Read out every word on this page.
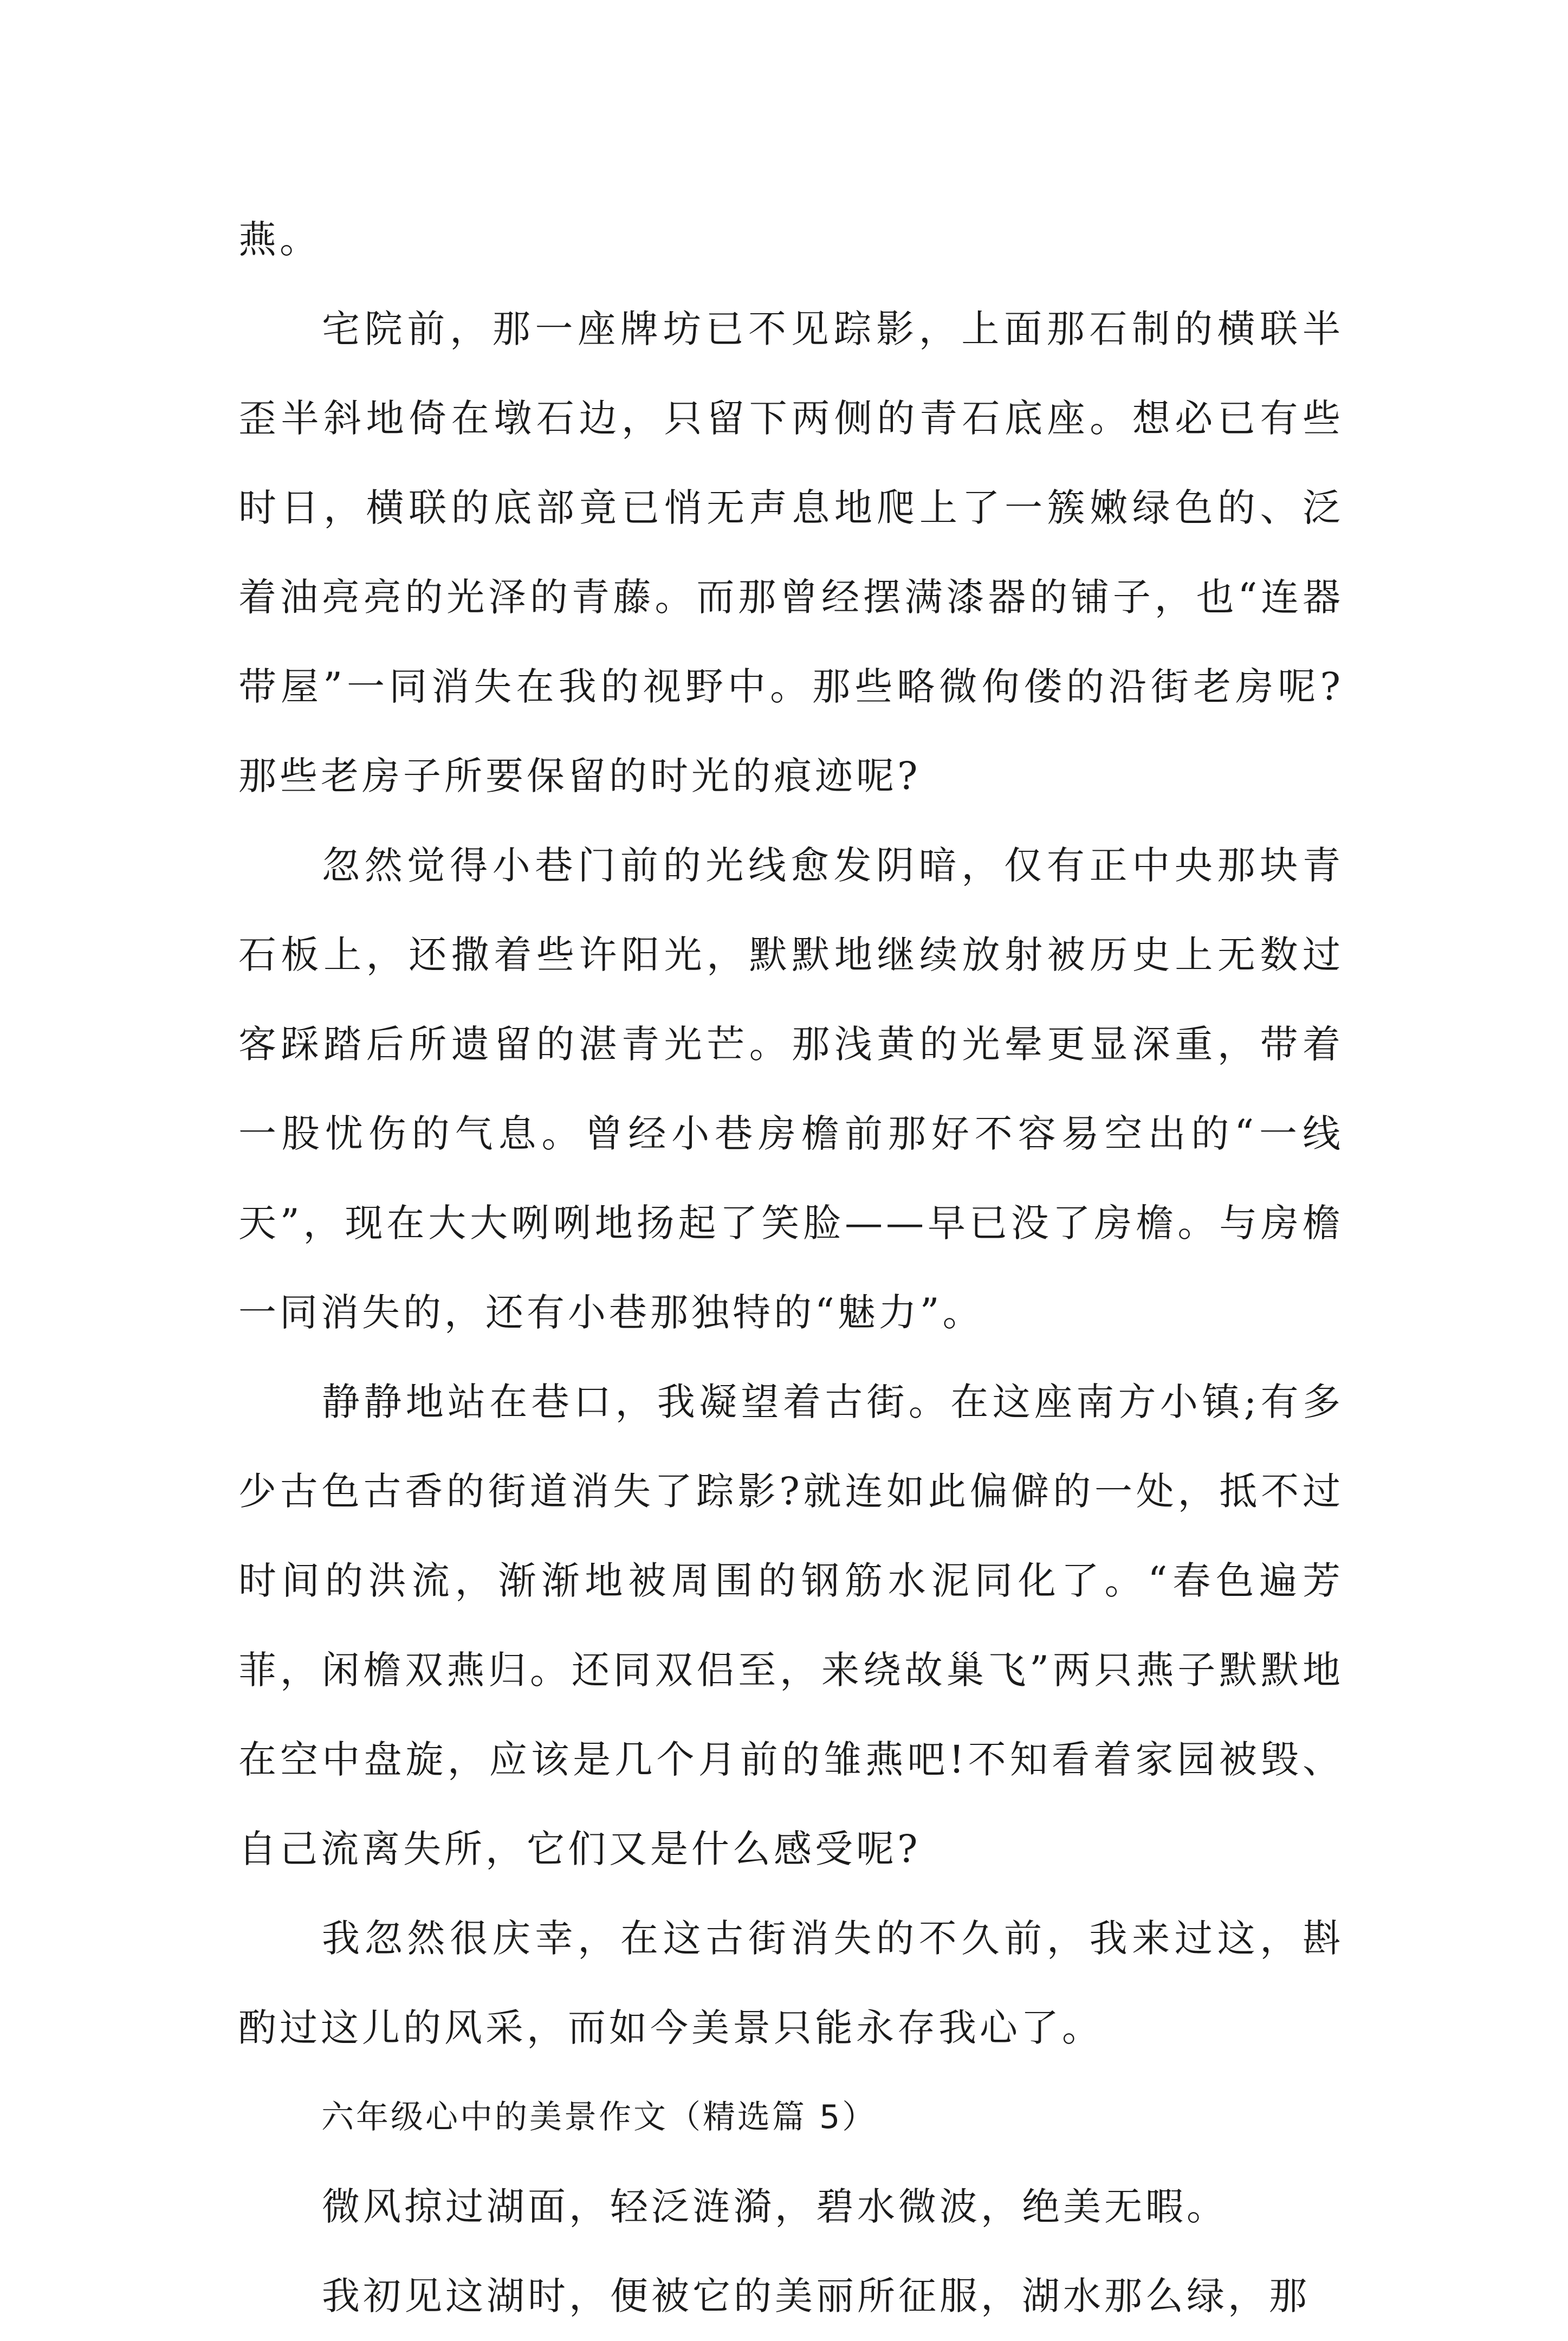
燕。

宅院前，那一座牌坊已不见踪影，上面那石制的横联半歪半斜地倚在墩石边，只留下两侧的青石底座。想必已有些时日，横联的底部竟已悄无声息地爬上了一簇嫩绿色的、泛着油亮亮的光泽的青藤。而那曾经摆满漆器的铺子，也“连器带屋”一同消失在我的视野中。那些略微佝偻的沿街老房呢?那些老房子所要保留的时光的痕迹呢?

忽然觉得小巷门前的光线愈发阴暗，仅有正中央那块青石板上，还撒着些许阳光，默默地继续放射被历史上无数过客踩踏后所遗留的湛青光芒。那浅黄的光晕更显深重，带着一股忧伤的气息。曾经小巷房檐前那好不容易空出的“一线天”，现在大大咧咧地扬起了笑脸——早已没了房檐。与房檐一同消失的，还有小巷那独特的“魅力”。

静静地站在巷口，我凝望着古街。在这座南方小镇;有多少古色古香的街道消失了踪影?就连如此偏僻的一处，抵不过时间的洪流，渐渐地被周围的钢筋水泥同化了。“春色遍芳菲，闲檐双燕归。还同双侣至，来绕故巢飞”两只燕子默默地在空中盘旋，应该是几个月前的雏燕吧!不知看着家园被毁、自己流离失所，它们又是什么感受呢?

我忽然很庆幸，在这古街消失的不久前，我来过这，斟酌过这儿的风采，而如今美景只能永存我心了。

六年级心中的美景作文（精选篇 5）

微风掠过湖面，轻泛涟漪，碧水微波，绝美无暇。

我初见这湖时，便被它的美丽所征服，湖水那么绿，那
